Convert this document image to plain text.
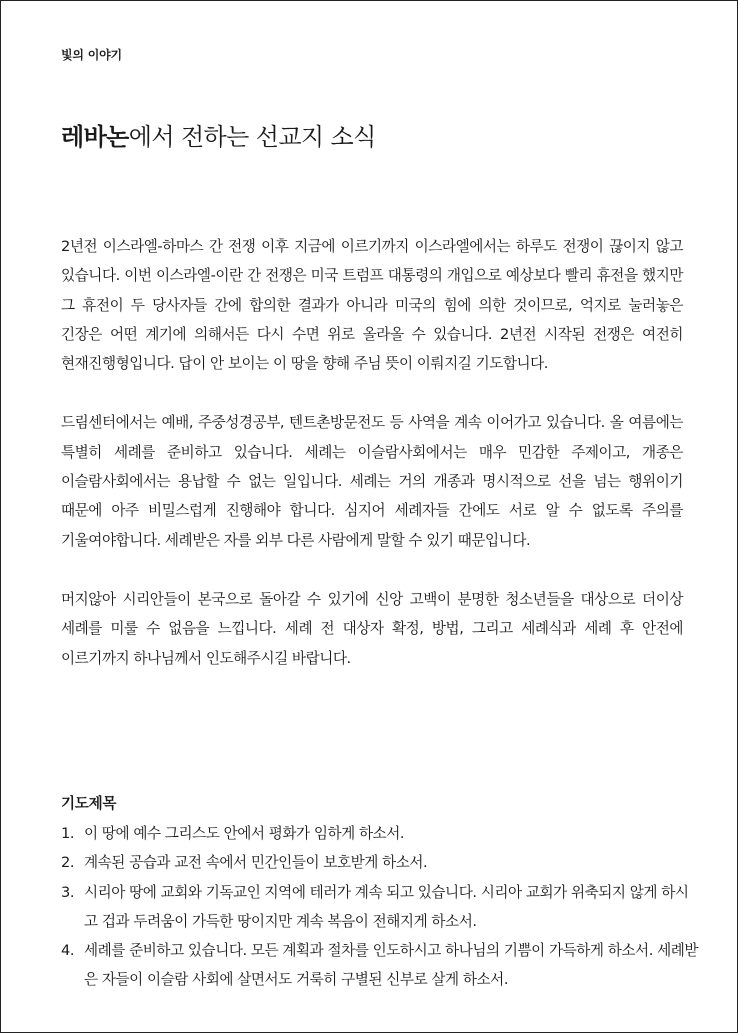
빛의 이야기
레바논에서 전하는 선교지 소식

2년전 이스라엘-하마스 간 전쟁 이후 지금에 이르기까지 이스라엘에서는 하루도 전쟁이 끊이지 않고 있습니다. 이번 이스라엘-이란 간 전쟁은 미국 트럼프 대통령의 개입으로 예상보다 빨리 휴전을 했지만 그 휴전이 두 당사자들 간에 합의한 결과가 아니라 미국의 힘에 의한 것이므로, 억지로 눌러놓은 긴장은 어떤 계기에 의해서든 다시 수면 위로 올라올 수 있습니다. 2년전 시작된 전쟁은 여전히 현재진행형입니다. 답이 안 보이는 이 땅을 향해 주님 뜻이 이뤄지길 기도합니다.

드림센터에서는 예배, 주중성경공부, 텐트촌방문전도 등 사역을 계속 이어가고 있습니다. 올 여름에는 특별히 세례를 준비하고 있습니다. 세례는 이슬람사회에서는 매우 민감한 주제이고, 개종은 이슬람사회에서는 용납할 수 없는 일입니다. 세례는 거의 개종과 명시적으로 선을 넘는 행위이기 때문에 아주 비밀스럽게 진행해야 합니다. 심지어 세례자들 간에도 서로 알 수 없도록 주의를 기울여야합니다. 세례받은 자를 외부 다른 사람에게 말할 수 있기 때문입니다.

머지않아 시리안들이 본국으로 돌아갈 수 있기에 신앙 고백이 분명한 청소년들을 대상으로 더이상 세례를 미룰 수 없음을 느낍니다. 세례 전 대상자 확정, 방법, 그리고 세례식과 세례 후 안전에 이르기까지 하나님께서 인도해주시길 바랍니다.

기도제목
1. 이 땅에 예수 그리스도 안에서 평화가 임하게 하소서.
2. 계속된 공습과 교전 속에서 민간인들이 보호받게 하소서.
3. 시리아 땅에 교회와 기독교인 지역에 테러가 계속 되고 있습니다. 시리아 교회가 위축되지 않게 하시고 겁과 두려움이 가득한 땅이지만 계속 복음이 전해지게 하소서.
4. 세례를 준비하고 있습니다. 모든 계획과 절차를 인도하시고 하나님의 기쁨이 가득하게 하소서. 세례받은 자들이 이슬람 사회에 살면서도 거룩히 구별된 신부로 살게 하소서.
